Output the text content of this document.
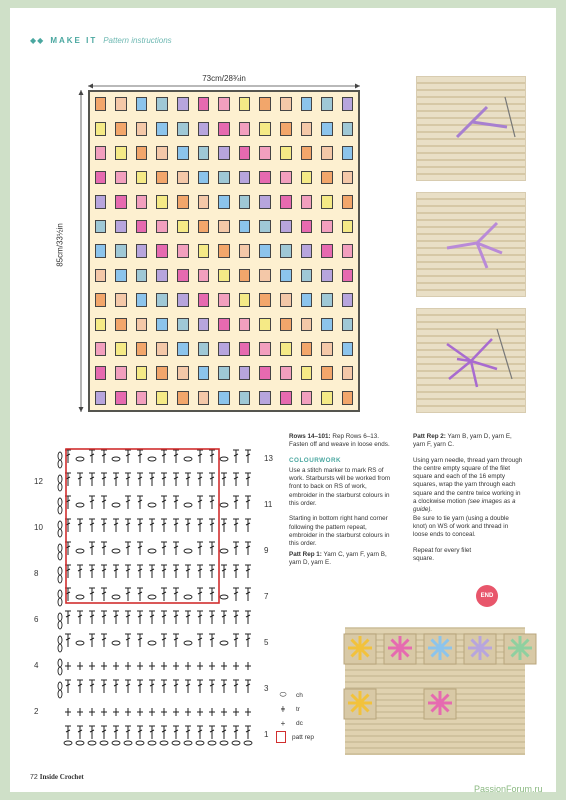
◆◆ MAKE IT Pattern instructions
73cm/28¾in
85cm/33½in
13
11
9
7
5
3
1
12
10
8
6
4
2

Rows 14–101: Rep Rows 6–13. Fasten off and weave in loose ends.

COLOURWORK

Use a stitch marker to mark RS of work. Starbursts will be worked from front to back on RS of work, embroider in the starburst colours in this order.

Starting in bottom right hand corner following the pattern repeat, embroider in the starburst colours in this order.

Patt Rep 1: Yarn C, yarn F, yarn B, yarn D, yarn E.

Patt Rep 2: Yarn B, yarn D, yarn E, yarn F, yarn C.

Using yarn needle, thread yarn through the centre empty square of the filet square and each of the 16 empty squares, wrap the yarn through each square and the centre twice working in a clockwise motion (see images as a guide).
Be sure to tie yarn (using a double knot) on WS of work and thread in loose ends to conceal.

Repeat for every filet square.

END
⬭	ch
ǂ	tr
+	dc
patt rep
72 Inside Crochet
PassionForum.ru
